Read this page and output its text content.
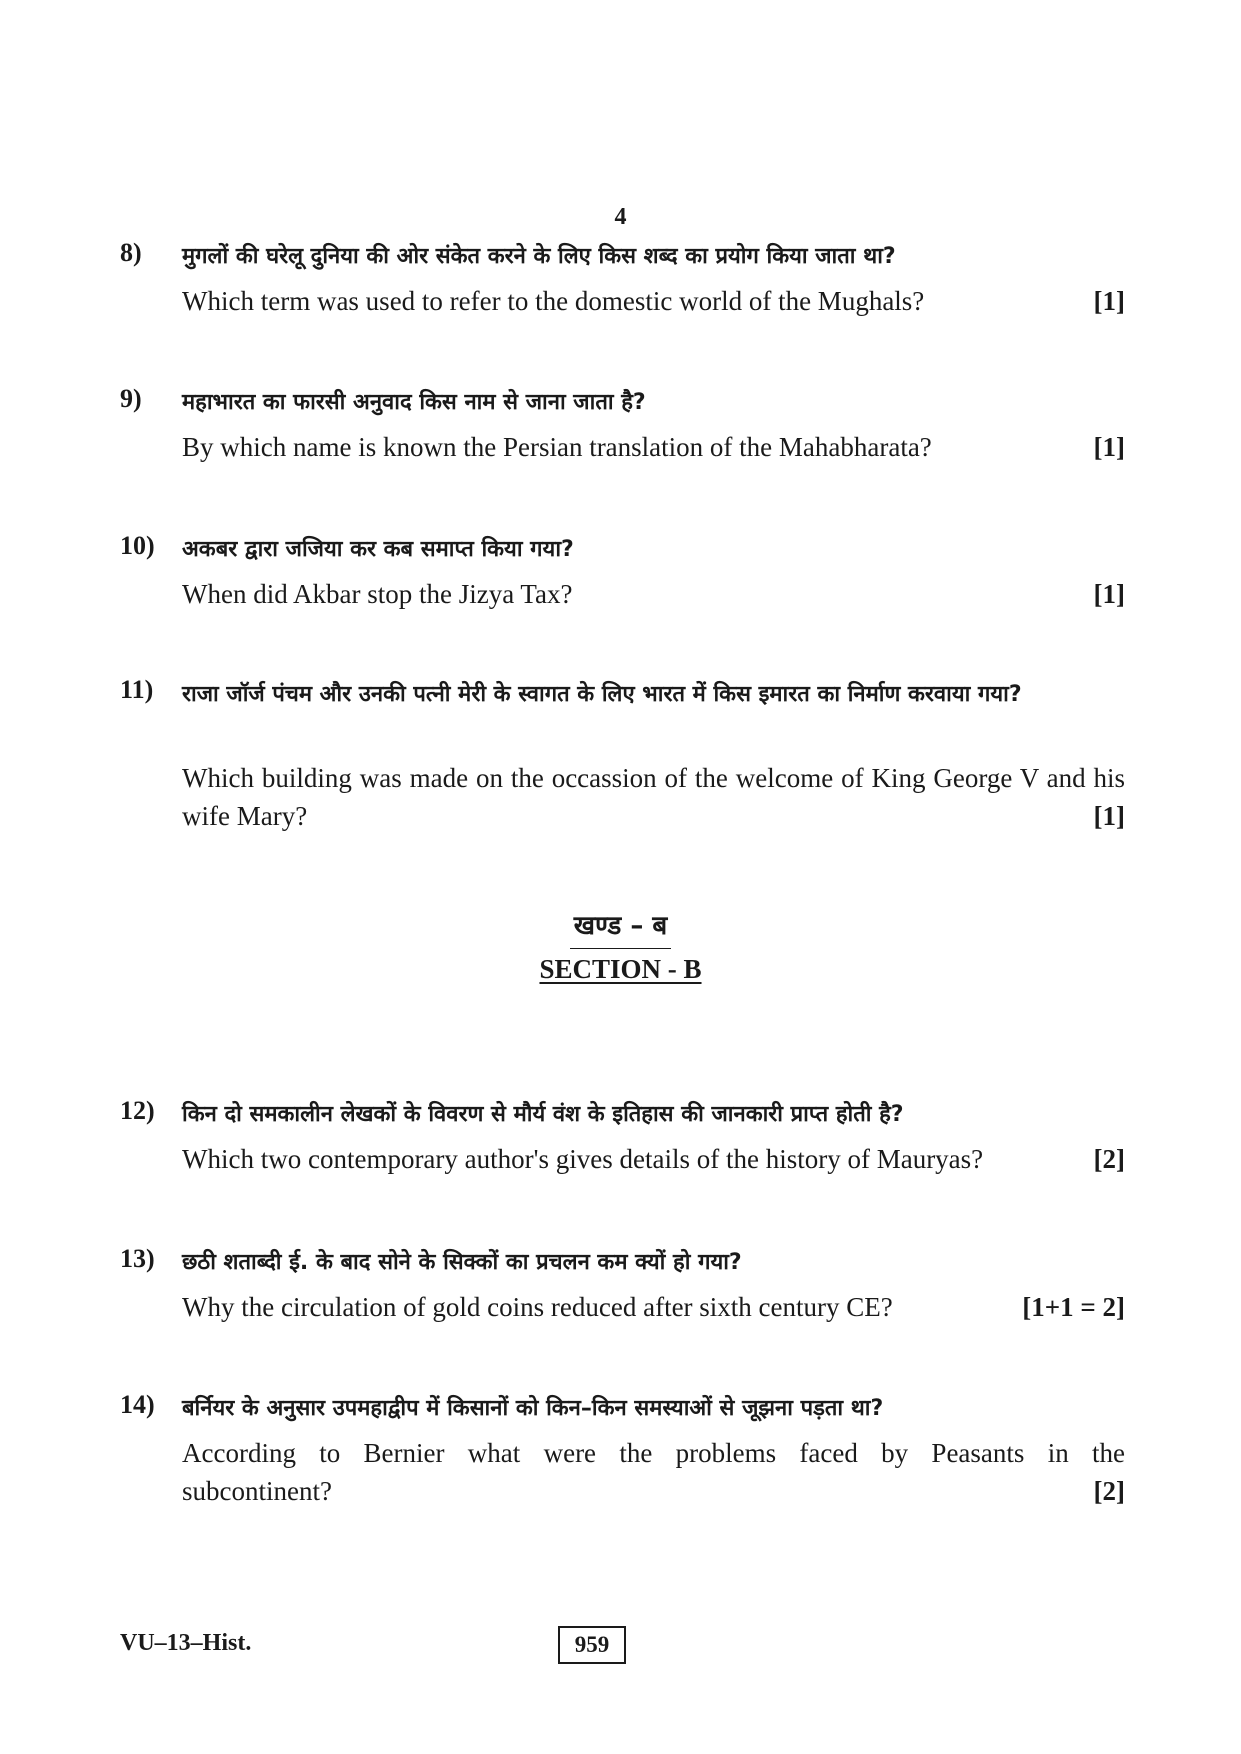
4
8) मुगलों की घरेलू दुनिया की ओर संकेत करने के लिए किस शब्द का प्रयोग किया जाता था?
Which term was used to refer to the domestic world of the Mughals?	[1]
9) महाभारत का फारसी अनुवाद किस नाम से जाना जाता है?
By which name is known the Persian translation of the Mahabharata?	[1]
10) अकबर द्वारा जजिया कर कब समाप्त किया गया?
When did Akbar stop the Jizya Tax?	[1]
11) राजा जॉर्ज पंचम और उनकी पत्नी मेरी के स्वागत के लिए भारत में किस इमारत का निर्माण करवाया गया?
Which building was made on the occassion of the welcome of King George V and his wife Mary?	[1]
खण्ड – ब
SECTION - B
12) किन दो समकालीन लेखकों के विवरण से मौर्य वंश के इतिहास की जानकारी प्राप्त होती है?
Which two contemporary author's gives details of the history of Mauryas?	[2]
13) छठी शताब्दी ई. के बाद सोने के सिक्कों का प्रचलन कम क्यों हो गया?
Why the circulation of gold coins reduced after sixth century CE?	[1+1 = 2]
14) बर्नियर के अनुसार उपमहाद्वीप में किसानों को किन–किन समस्याओं से जूझना पड़ता था?
According to Bernier what were the problems faced by Peasants in the subcontinent?	[2]
VU–13–Hist.	959
